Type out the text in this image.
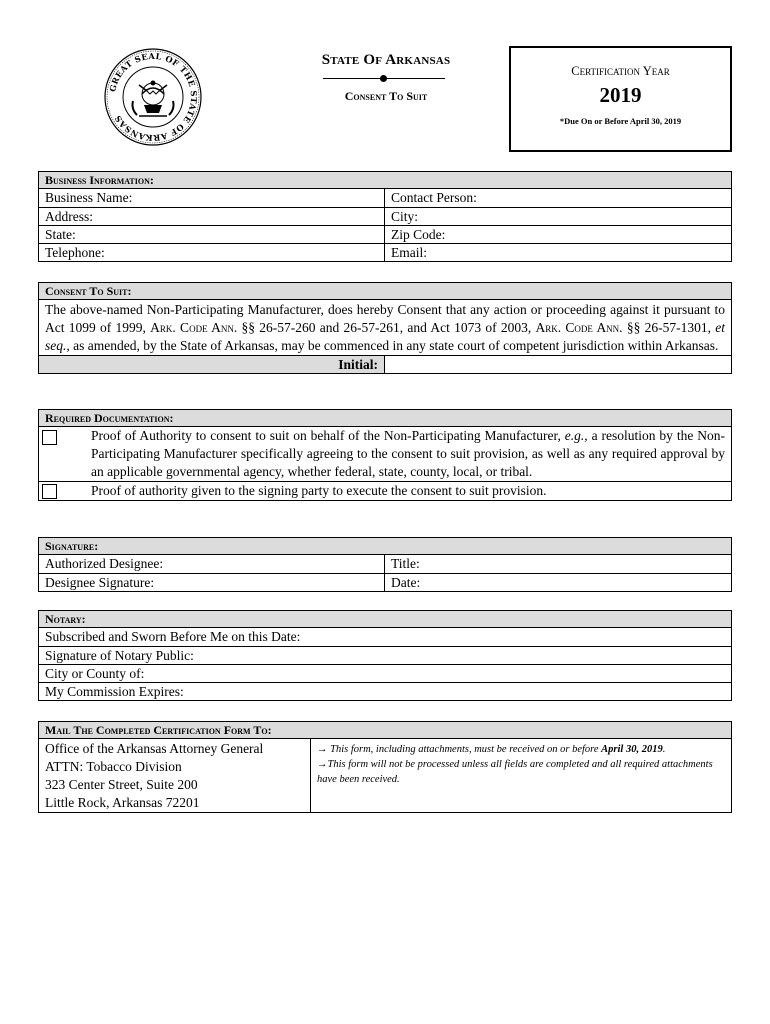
GREAT SEAL OF THE STATE OF ARKANSAS
State Of Arkansas
Consent To Suit
Certification Year
2019
*Due On or Before April 30, 2019
Business Information:
Business Name:	Contact Person:
Address:	City:
State:	Zip Code:
Telephone:	Email:
Consent To Suit:
The above-named Non-Participating Manufacturer, does hereby Consent that any action or proceeding against it pursuant to Act 1099 of 1999, Ark. Code Ann. §§ 26-57-260 and 26-57-261, and Act 1073 of 2003, Ark. Code Ann. §§ 26-57-1301, et seq., as amended, by the State of Arkansas, may be commenced in any state court of competent jurisdiction within Arkansas.
Initial:
Required Documentation:
Proof of Authority to consent to suit on behalf of the Non-Participating Manufacturer, e.g., a resolution by the Non-Participating Manufacturer specifically agreeing to the consent to suit provision, as well as any required approval by an applicable governmental agency, whether federal, state, county, local, or tribal.
Proof of authority given to the signing party to execute the consent to suit provision.
Signature:
Authorized Designee:	Title:
Designee Signature:	Date:
Notary:
Subscribed and Sworn Before Me on this Date:
Signature of Notary Public:
City or County of:
My Commission Expires:
Mail The Completed Certification Form To:
Office of the Arkansas Attorney General
ATTN: Tobacco Division
323 Center Street, Suite 200
Little Rock, Arkansas 72201

→ This form, including attachments, must be received on or before April 30, 2019.

→This form will not be processed unless all fields are completed and all required attachments have been received.
